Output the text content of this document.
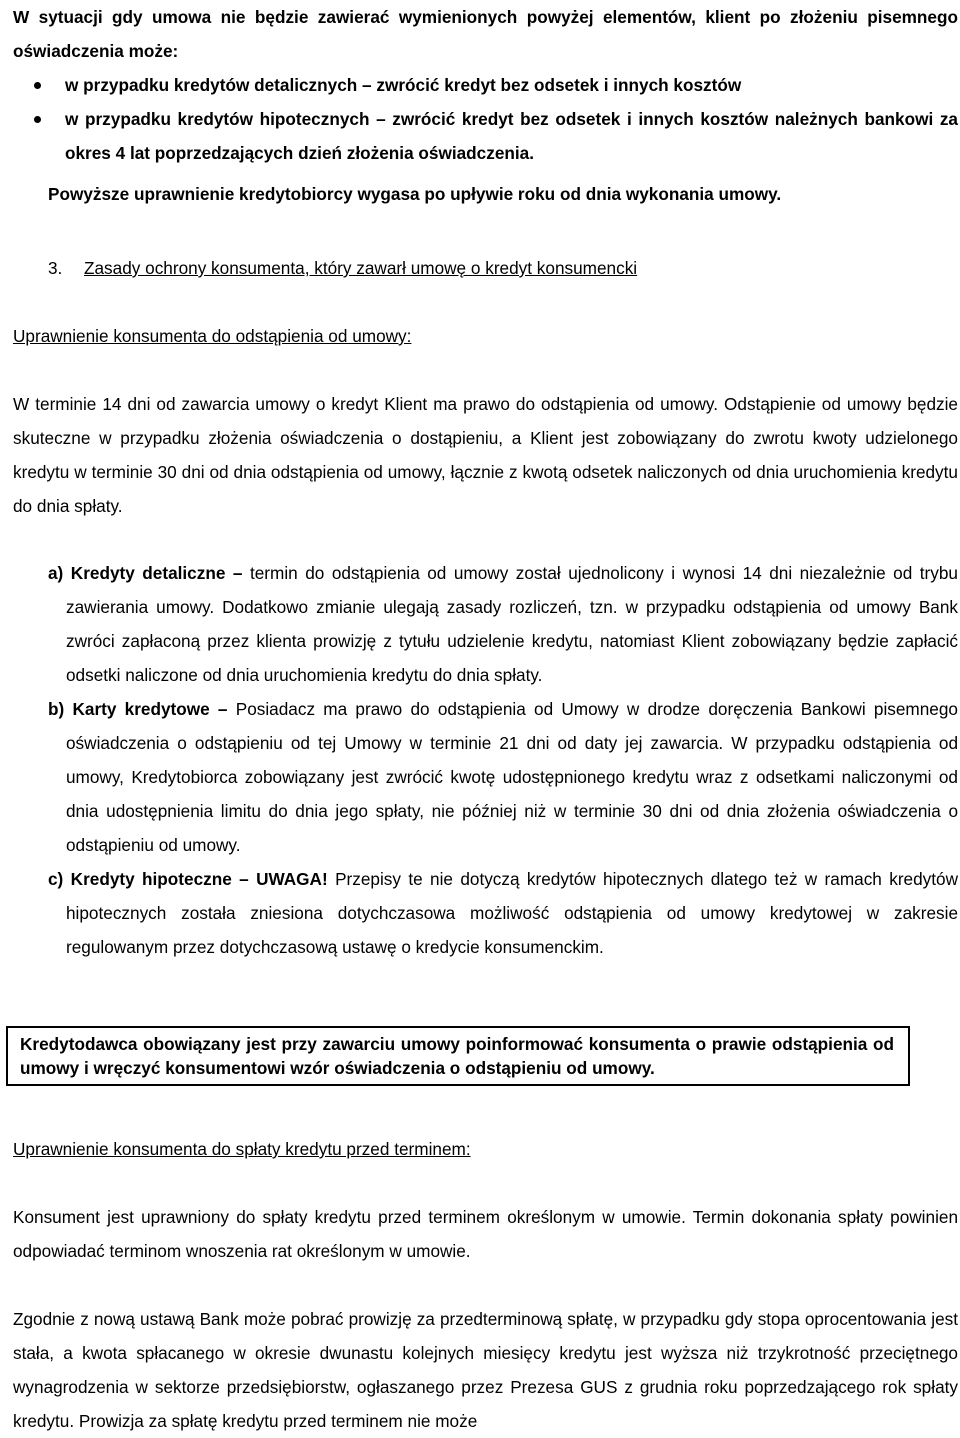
W sytuacji gdy umowa nie będzie zawierać wymienionych powyżej elementów, klient po złożeniu pisemnego oświadczenia może:
w przypadku kredytów detalicznych – zwrócić kredyt bez odsetek i innych kosztów
w przypadku kredytów hipotecznych – zwrócić kredyt bez odsetek i innych kosztów należnych bankowi za okres 4 lat poprzedzających dzień złożenia oświadczenia.
Powyższe uprawnienie kredytobiorcy wygasa po upływie roku od dnia wykonania umowy.
3. Zasady ochrony konsumenta, który zawarł umowę o kredyt konsumencki
Uprawnienie konsumenta do odstąpienia od umowy:
W terminie 14 dni od zawarcia umowy o kredyt Klient ma prawo do odstąpienia od umowy. Odstąpienie od umowy będzie skuteczne w przypadku złożenia oświadczenia o dostąpieniu, a Klient jest zobowiązany do zwrotu kwoty udzielonego kredytu w terminie 30 dni od dnia odstąpienia od umowy, łącznie z kwotą odsetek naliczonych od dnia uruchomienia kredytu do dnia spłaty.
a) Kredyty detaliczne – termin do odstąpienia od umowy został ujednolicony i wynosi 14 dni niezależnie od trybu zawierania umowy. Dodatkowo zmianie ulegają zasady rozliczeń, tzn. w przypadku odstąpienia od umowy Bank zwróci zapłaconą przez klienta prowizję z tytułu udzielenie kredytu, natomiast Klient zobowiązany będzie zapłacić odsetki naliczone od dnia uruchomienia kredytu do dnia spłaty.
b) Karty kredytowe – Posiadacz ma prawo do odstąpienia od Umowy w drodze doręczenia Bankowi pisemnego oświadczenia o odstąpieniu od tej Umowy w terminie 21 dni od daty jej zawarcia. W przypadku odstąpienia od umowy, Kredytobiorca zobowiązany jest zwrócić kwotę udostępnionego kredytu wraz z odsetkami naliczonymi od dnia udostępnienia limitu do dnia jego spłaty, nie później niż w terminie 30 dni od dnia złożenia oświadczenia o odstąpieniu od umowy.
c) Kredyty hipoteczne – UWAGA! Przepisy te nie dotyczą kredytów hipotecznych dlatego też w ramach kredytów hipotecznych została zniesiona dotychczasowa możliwość odstąpienia od umowy kredytowej w zakresie regulowanym przez dotychczasową ustawę o kredycie konsumenckim.
Kredytodawca obowiązany jest przy zawarciu umowy poinformować konsumenta o prawie odstąpienia od umowy i wręczyć konsumentowi wzór oświadczenia o odstąpieniu od umowy.
Uprawnienie konsumenta do spłaty kredytu przed terminem:
Konsument jest uprawniony do spłaty kredytu przed terminem określonym w umowie. Termin dokonania spłaty powinien odpowiadać terminom wnoszenia rat określonym w umowie.
Zgodnie z nową ustawą Bank może pobrać prowizję za przedterminową spłatę, w przypadku gdy stopa oprocentowania jest stała, a kwota spłacanego w okresie dwunastu kolejnych miesięcy kredytu jest wyższa niż trzykrotność przeciętnego wynagrodzenia w sektorze przedsiębiorstw, ogłaszanego przez Prezesa GUS z grudnia roku poprzedzającego rok spłaty kredytu. Prowizja za spłatę kredytu przed terminem nie może
